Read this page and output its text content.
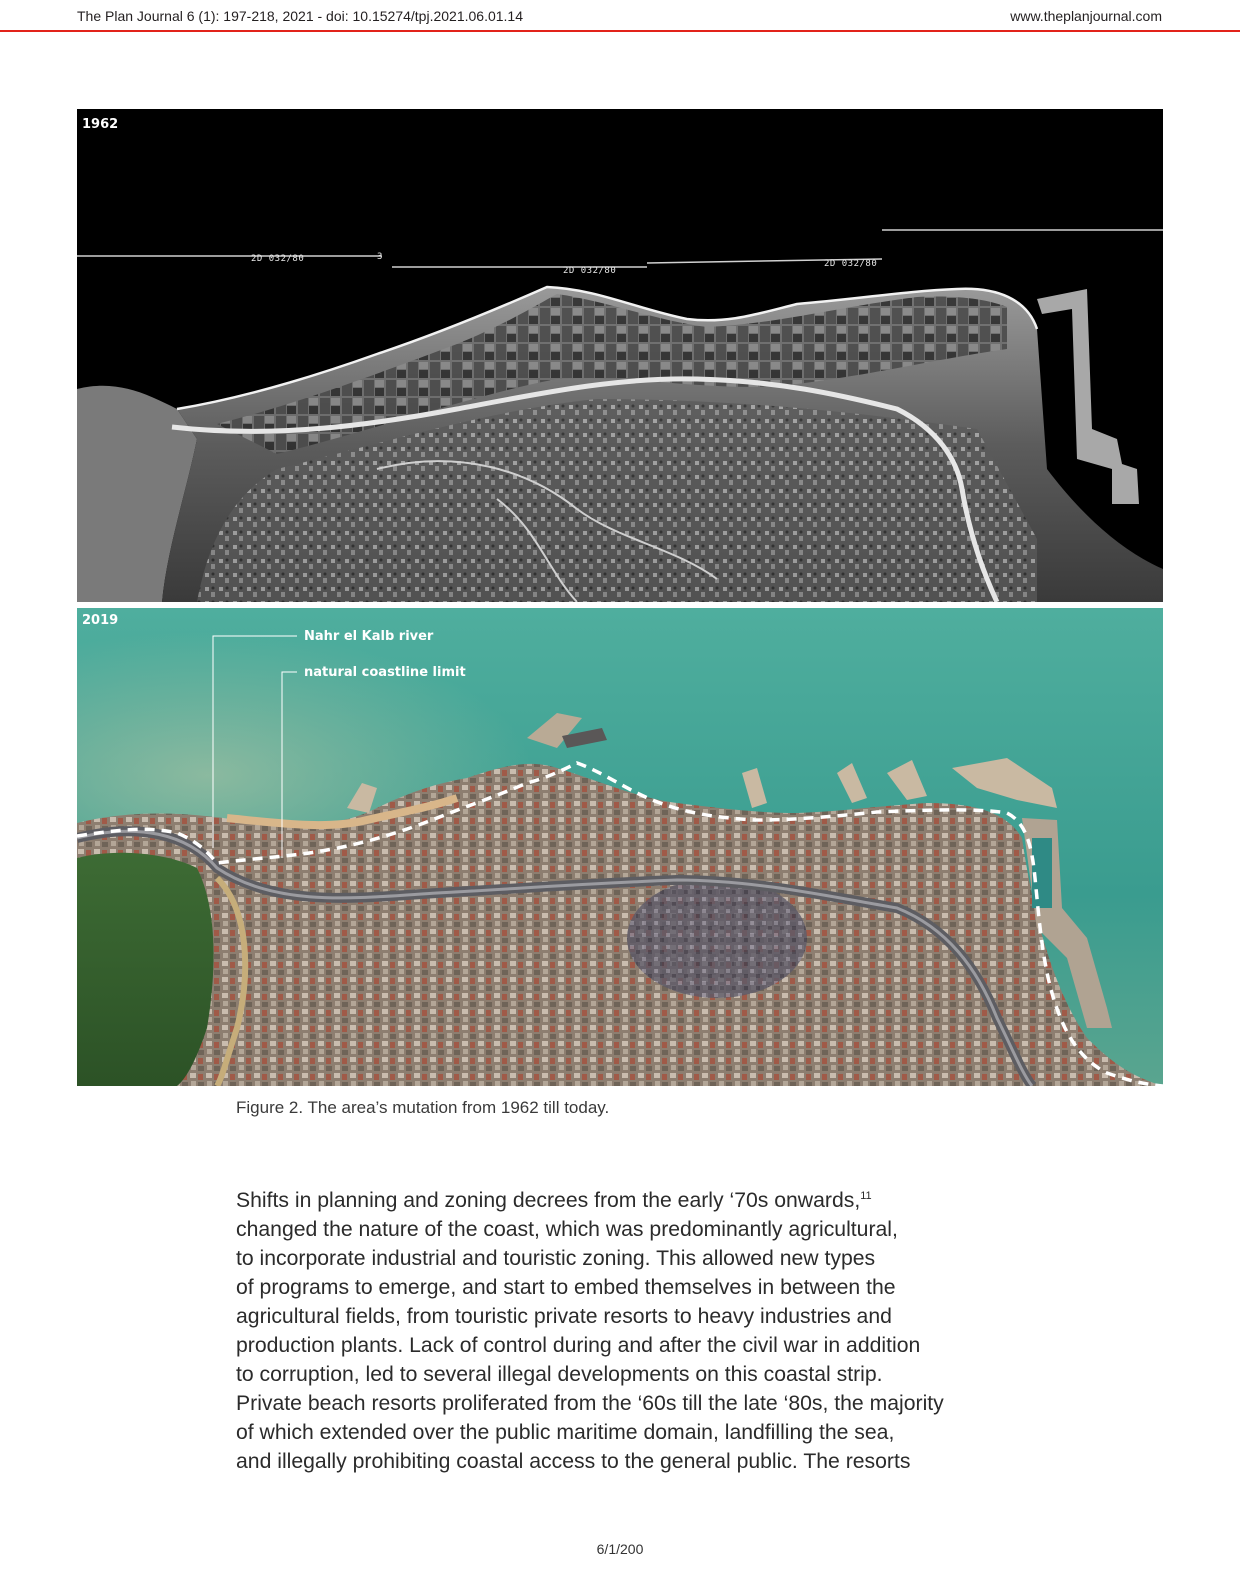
The Plan Journal 6 (1): 197-218, 2021 - doi: 10.15274/tpj.2021.06.01.14	www.theplanjournal.com
1962
2D 032/80	3
2D 032/80
2D 032/80
2019
Nahr el Kalb river
natural coastline limit
Figure 2. The area’s mutation from 1962 till today.
Shifts in planning and zoning decrees from the early ‘70s onwards,$^{11}$
changed the nature of the coast, which was predominantly agricultural,
to incorporate industrial and touristic zoning. This allowed new types
of programs to emerge, and start to embed themselves in between the
agricultural fields, from touristic private resorts to heavy industries and
production plants. Lack of control during and after the civil war in addition
to corruption, led to several illegal developments on this coastal strip.
Private beach resorts proliferated from the ‘60s till the late ‘80s, the majority
of which extended over the public maritime domain, landfilling the sea,
and illegally prohibiting coastal access to the general public. The resorts
6/1/200
